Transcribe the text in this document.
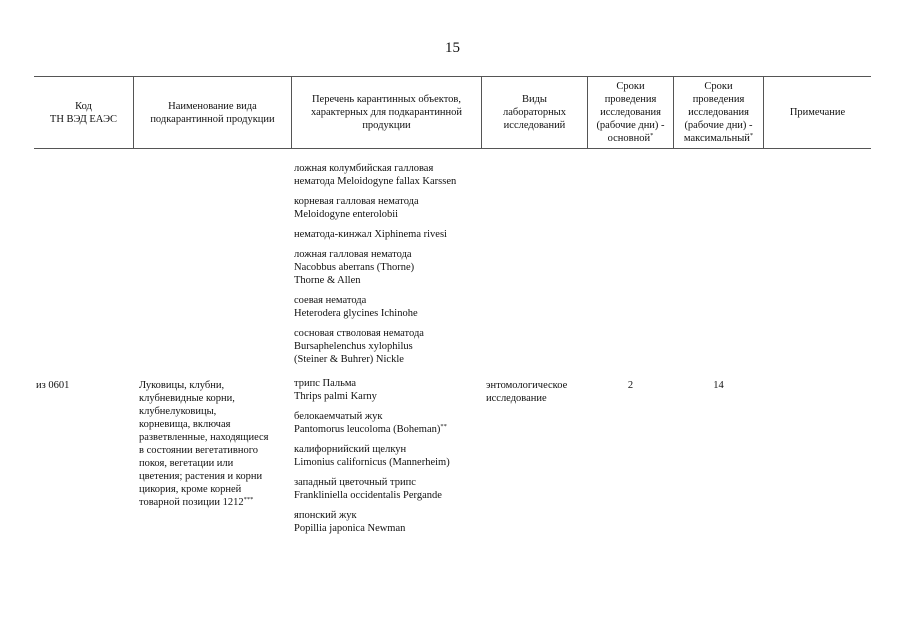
15
Код
ТН ВЭД ЕАЭС
Наименование вида
подкарантинной продукции
Перечень карантинных объектов,
характерных для подкарантинной
продукции
Виды
лабораторных
исследований
Сроки
проведения
исследования
(рабочие дни) -
основной*
Сроки
проведения
исследования
(рабочие дни) -
максимальный*
Примечание
ложная колумбийская галловая
нематода Meloidogyne fallax Karssen
корневая галловая нематода
Meloidogyne enterolobii
нематода-кинжал Xiphinema rivesi
ложная галловая нематода
Nacobbus aberrans (Thorne)
Thorne & Allen
соевая нематода
Heterodera glycines Ichinohe
сосновая стволовая нематода
Bursaphelenchus xylophilus
(Steiner & Buhrer) Nickle
трипс Пальма
Thrips palmi Karny
белокаемчатый жук
Pantomorus leucoloma (Boheman)**
калифорнийский щелкун
Limonius californicus (Mannerheim)
западный цветочный трипс
Frankliniella occidentalis Pergande
японский жук
Popillia japonica Newman
из 0601	Луковицы, клубни,
клубневидные корни,
клубнелуковицы,
корневища, включая
разветвленные, находящиеся
в состоянии вегетативного
покоя, вегетации или
цветения; растения и корни
цикория, кроме корней
товарной позиции 1212***
энтомологическое
исследование
2	14
